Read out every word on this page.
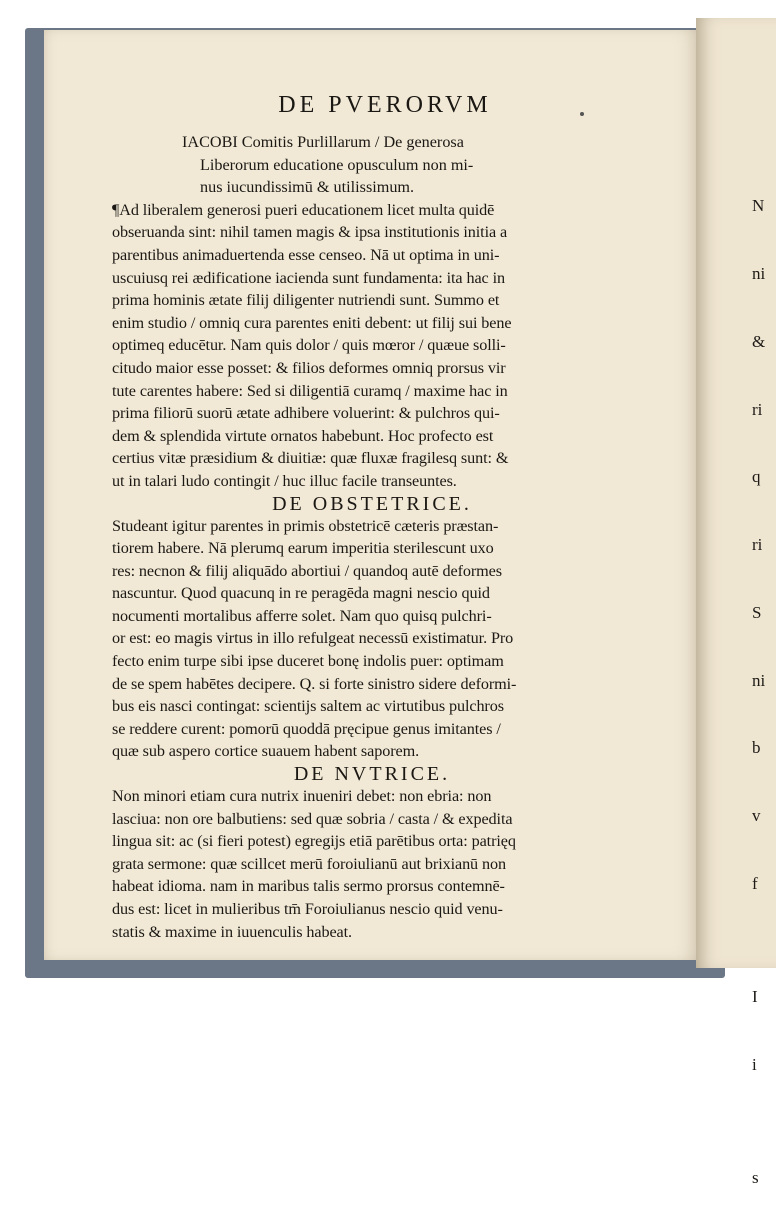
N

ni

&

ri

q

ri

S

ni

b

v

f

I

i

s

DE PVERORVM
IACOBI Comitis Purlillarum / De generosa
Liberorum educatione opusculum non mi-
nus iucundissimū & utilissimum.
¶Ad liberalem generosi pueri educationem licet multa quidē
obseruanda sint: nihil tamen magis & ipsa institutionis initia a
parentibus animaduertenda esse censeo. Nā ut optima in uni-
uscuiusq rei ædificatione iacienda sunt fundamenta: ita hac in
prima hominis ætate filij diligenter nutriendi sunt. Summo et
enim studio / omniq cura parentes eniti debent: ut filij sui bene
optimeq educētur. Nam quis dolor / quis mœror / quæue solli-
citudo maior esse posset: & filios deformes omniq prorsus vir
tute carentes habere: Sed si diligentiā curamq / maxime hac in
prima filiorū suorū ætate adhibere voluerint: & pulchros qui-
dem & splendida virtute ornatos habebunt. Hoc profecto est
certius vitæ præsidium & diuitiæ: quæ fluxæ fragilesq sunt: &
ut in talari ludo contingit / huc illuc facile transeuntes.
DE OBSTETRICE.
Studeant igitur parentes in primis obstetricē cæteris præstan-
tiorem habere. Nā plerumq earum imperitia sterilescunt uxo
res: necnon & filij aliquādo abortiui / quandoq autē deformes
nascuntur. Quod quacunq in re peragēda magni nescio quid
nocumenti mortalibus afferre solet. Nam quo quisq pulchri-
or est: eo magis virtus in illo refulgeat necessū existimatur. Pro
fecto enim turpe sibi ipse duceret bonę indolis puer: optimam
de se spem habētes decipere. Q. si forte sinistro sidere deformi-
bus eis nasci contingat: scientijs saltem ac virtutibus pulchros
se reddere curent: pomorū quoddā pręcipue genus imitantes /
quæ sub aspero cortice suauem habent saporem.
DE NVTRICE.
Non minori etiam cura nutrix inueniri debet: non ebria: non
lasciua: non ore balbutiens: sed quæ sobria / casta / & expedita
lingua sit: ac (si fieri potest) egregijs etiā parētibus orta: patrięq
grata sermone: quæ scillcet merū foroiulianū aut brixianū non
habeat idioma. nam in maribus talis sermo prorsus contemnē-
dus est: licet in mulieribus tm̄ Foroiulianus nescio quid venu-
statis & maxime in iuuenculis habeat.
